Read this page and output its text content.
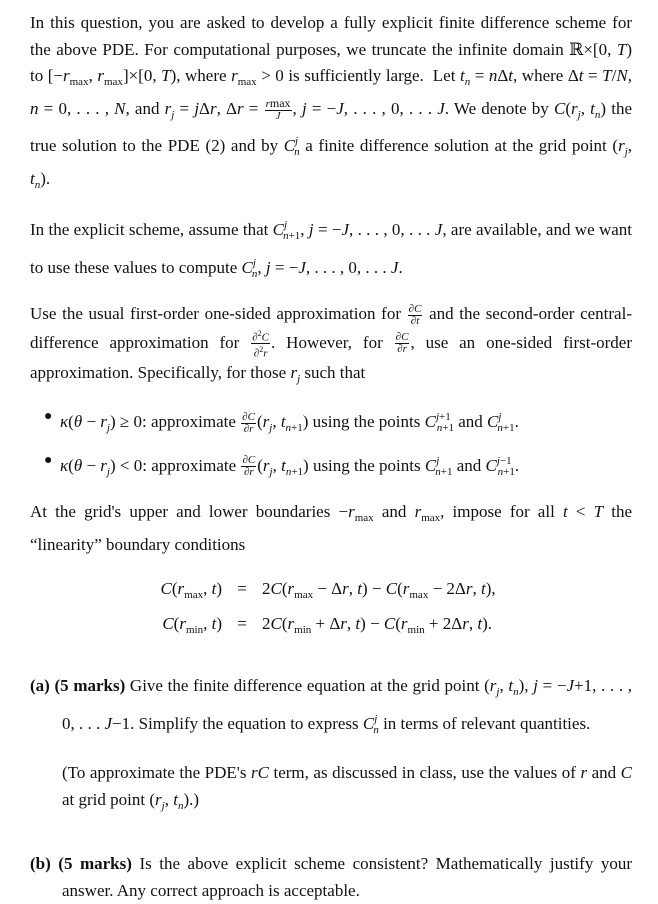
In this question, you are asked to develop a fully explicit finite difference scheme for the above PDE. For computational purposes, we truncate the infinite domain ℝ×[0, T) to [$-r_{max}$, $r_{max}]\times[0$, T), where $r_{max} > 0$ is sufficiently large.  Let $t_n = n\Delta t$, where Δt = T/N, n = 0, . . . , N, and $r_j = j\Delta r$, $\Delta r = \frac{rmax}{J}$ , j = −J, . . . , 0, . . . J. We denote by $C(r_j$, $t_n$) the true solution to the PDE (2) and by $C^j_n$ a finite difference solution at the grid point ($r_j$, $t_n$).

In the explicit scheme, assume that $C^j_{n+1}$, j = −J, . . . , 0, . . . J, are available, and we want to use these values to compute $C^j_n$, j = −J, . . . , 0, . . . J.

Use the usual first-order one-sided approximation for $\frac{\partial C}{\partial t}$ and the second-order central-difference approximation for $\frac{\partial^2C}{\partial^2r}$ . However, for $\frac{\partial C}{\partial r}$ , use an one-sided first-order approximation. Specifically, for those $r_j$ such that

● $\kappa(\theta - r_j) \ge 0$: approximate $\frac{\partial C}{\partial r} (r_j$, $t_{n+1}$) using the points $C^{j+1}_{n+1}$ and $C^j_{n+1}$.
● $\kappa(\theta - r_j) < 0$: approximate $\frac{\partial C}{\partial r} (r_j$, $t_{n+1}$) using the points $C^j_{n+1}$ and $C^{j-1}_{n+1}$.

At the grid's upper and lower boundaries $-r_{max}$ and $r_{max}$, impose for all t < T the “linearity” boundary conditions

$C(r_{max}$, $t) = 2C(r_{max} - \Delta r$, $t) - C(r_{max} - 2\Delta r$, t),
$C(r_{min}$, $t) = 2C(r_{min} + \Delta r$, $t) - C(r_{min} + 2\Delta r$, t).

(a) (5 marks) Give the finite difference equation at the grid point ($r_j$, $t_n$), j = −J+1, . . . , 0, . . . J−1. Simplify the equation to express $C^j_n$ in terms of relevant quantities.

(To approximate the PDE's rC term, as discussed in class, use the values of r and C at grid point ($r_j$, $t_n$).)

(b) (5 marks) Is the above explicit scheme consistent? Mathematically justify your answer. Any correct approach is acceptable.
